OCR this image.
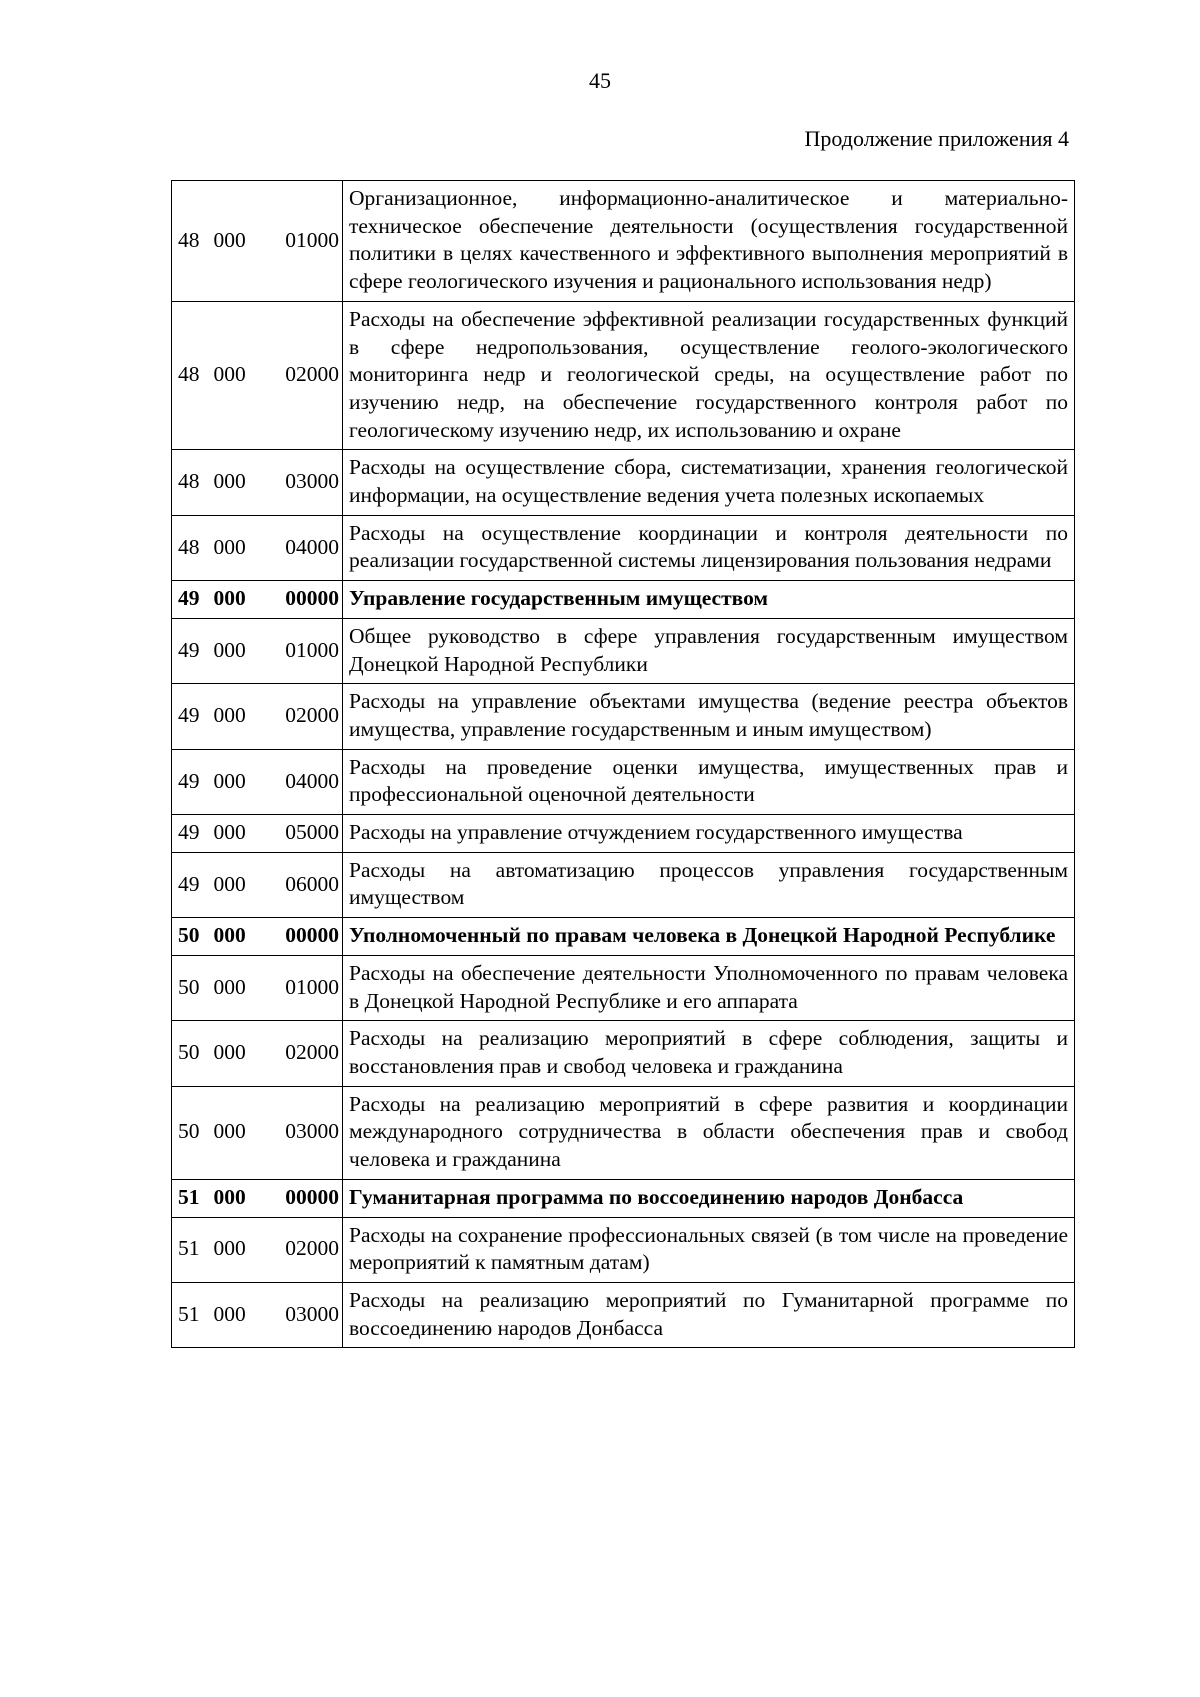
45
Продолжение приложения 4
48 000 01000	Организационное, информационно-аналитическое и материально-техническое обеспечение деятельности (осуществления государственной политики в целях качественного и эффективного выполнения мероприятий в сфере геологического изучения и рационального использования недр)

48 000 02000	Расходы на обеспечение эффективной реализации государственных функций в сфере недропользования, осуществление геолого-экологического мониторинга недр и геологической среды, на осуществление работ по изучению недр, на обеспечение государственного контроля работ по геологическому изучению недр, их использованию и охране

48 000 03000	Расходы на осуществление сбора, систематизации, хранения геологической информации, на осуществление ведения учета полезных ископаемых

48 000 04000	Расходы на осуществление координации и контроля деятельности по реализации государственной системы лицензирования пользования недрами

49 000 00000	Управление государственным имуществом

49 000 01000	Общее руководство в сфере управления государственным имуществом Донецкой Народной Республики

49 000 02000	Расходы на управление объектами имущества (ведение реестра объектов имущества, управление государственным и иным имуществом)

49 000 04000	Расходы на проведение оценки имущества, имущественных прав и профессиональной оценочной деятельности

49 000 05000	Расходы на управление отчуждением государственного имущества

49 000 06000	Расходы на автоматизацию процессов управления государственным имуществом

50 000 00000	Уполномоченный по правам человека в Донецкой Народной Республике

50 000 01000	Расходы на обеспечение деятельности Уполномоченного по правам человека в Донецкой Народной Республике и его аппарата

50 000 02000	Расходы на реализацию мероприятий в сфере соблюдения, защиты и восстановления прав и свобод человека и гражданина

50 000 03000	Расходы на реализацию мероприятий в сфере развития и координации международного сотрудничества в области обеспечения прав и свобод человека и гражданина

51 000 00000	Гуманитарная программа по воссоединению народов Донбасса

51 000 02000	Расходы на сохранение профессиональных связей (в том числе на проведение мероприятий к памятным датам)

51 000 03000	Расходы на реализацию мероприятий по Гуманитарной программе по воссоединению народов Донбасса
